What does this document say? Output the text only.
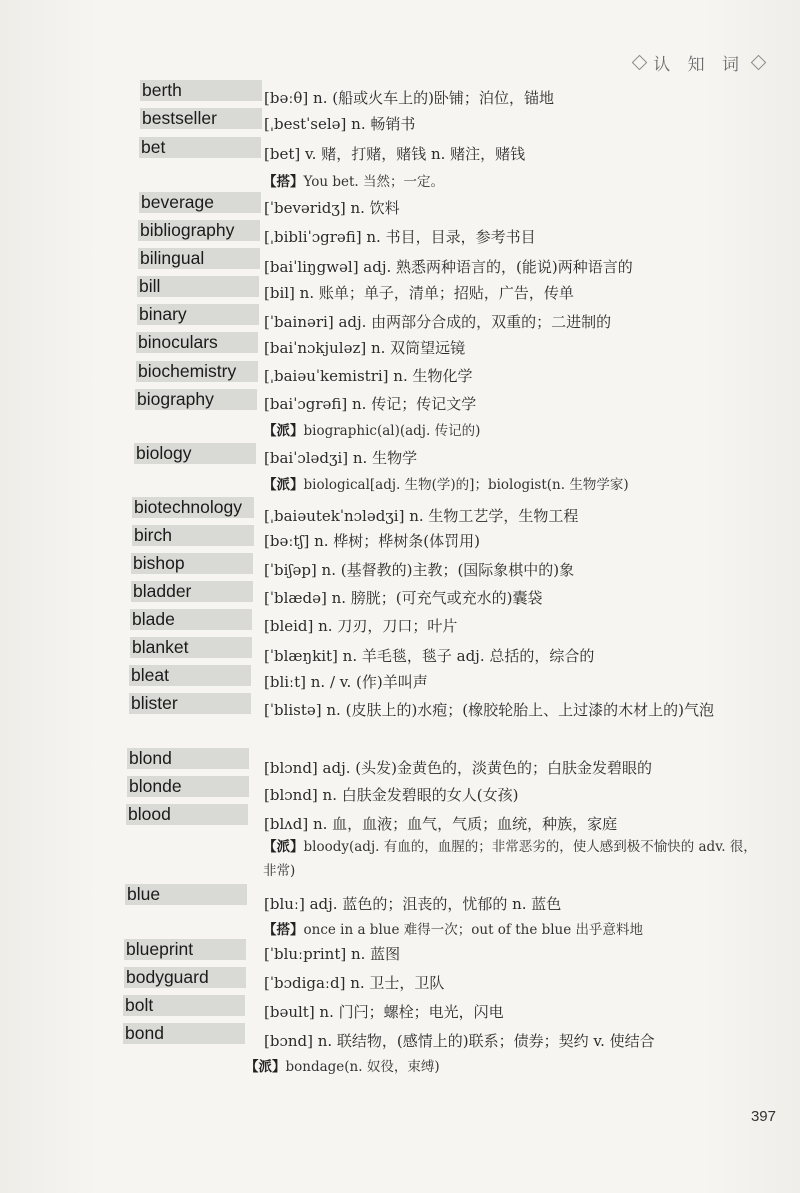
认 知 词
berth	[bəːθ] n. (船或火车上的)卧铺；泊位，锚地
bestseller	[ˌbestˈselə] n. 畅销书
bet	[bet] v. 赌，打赌，赌钱 n. 赌注，赌钱
【搭】You bet. 当然；一定。
beverage	[ˈbevəridʒ] n. 饮料
bibliography	[ˌbibliˈɔgrəfi] n. 书目，目录，参考书目
bilingual	[baiˈliŋgwəl] adj. 熟悉两种语言的，(能说)两种语言的
bill	[bil] n. 账单；单子，清单；招贴，广告，传单
binary	[ˈbainəri] adj. 由两部分合成的，双重的；二进制的
binoculars	[baiˈnɔkjuləz] n. 双筒望远镜
biochemistry	[ˌbaiəuˈkemistri] n. 生物化学
biography	[baiˈɔgrəfi] n. 传记；传记文学
【派】biographic(al)(adj. 传记的)
biology	[baiˈɔlədʒi] n. 生物学
【派】biological[adj. 生物(学)的]；biologist(n. 生物学家)
biotechnology	[ˌbaiəutekˈnɔlədʒi] n. 生物工艺学，生物工程
birch	[bəːtʃ] n. 桦树；桦树条(体罚用)
bishop	[ˈbiʃəp] n. (基督教的)主教；(国际象棋中的)象
bladder	[ˈblædə] n. 膀胱；(可充气或充水的)囊袋
blade	[bleid] n. 刀刃，刀口；叶片
blanket	[ˈblæŋkit] n. 羊毛毯，毯子 adj. 总括的，综合的
bleat	[bliːt] n. / v. (作)羊叫声
blister	[ˈblistə] n. (皮肤上的)水疱；(橡胶轮胎上、上过漆的木材上的)气泡
blond	[blɔnd] adj. (头发)金黄色的，淡黄色的；白肤金发碧眼的
blonde	[blɔnd] n. 白肤金发碧眼的女人(女孩)
blood	[blʌd] n. 血，血液；血气，气质；血统，种族，家庭
【派】bloody(adj. 有血的，血腥的；非常恶劣的，使人感到极不愉快的 adv. 很，非常)
blue	[bluː] adj. 蓝色的；沮丧的，忧郁的 n. 蓝色
【搭】once in a blue 难得一次；out of the blue 出乎意料地
blueprint	[ˈbluːprint] n. 蓝图
bodyguard	[ˈbɔdigaːd] n. 卫士，卫队
bolt	[bəult] n. 门闩；螺栓；电光，闪电
bond	[bɔnd] n. 联结物，(感情上的)联系；债券；契约 v. 使结合
【派】bondage(n. 奴役，束缚)
397
